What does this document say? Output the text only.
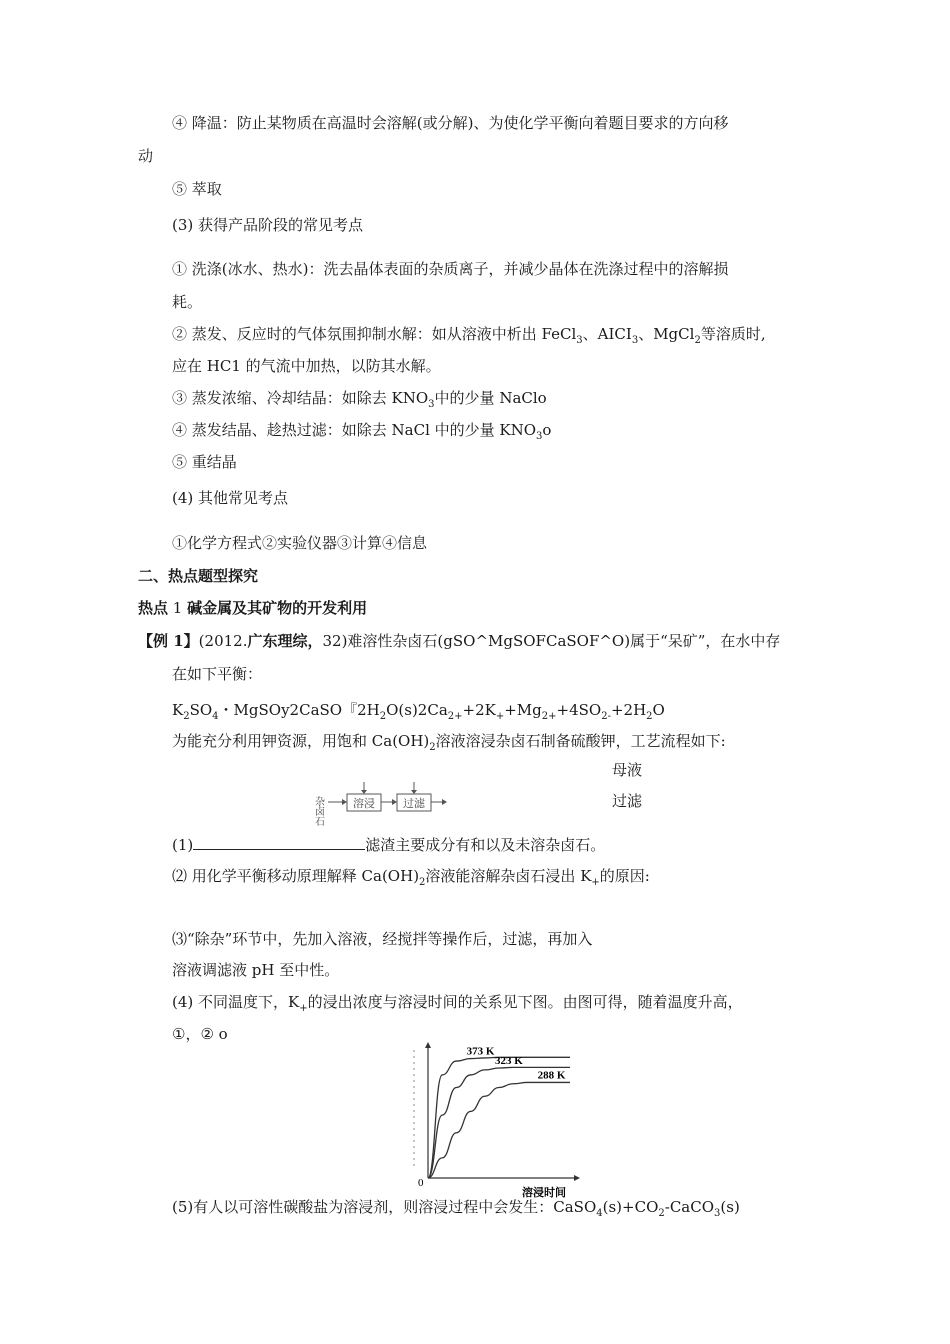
④ 降温：防止某物质在高温时会溶解(或分解)、为使化学平衡向着题目要求的方向移
动
⑤ 萃取
(3) 获得产品阶段的常见考点
① 洗涤(冰水、热水)：洗去晶体表面的杂质离子，并减少晶体在洗涤过程中的溶解损
耗。
② 蒸发、反应时的气体氛围抑制水解：如从溶液中析出 FeCl$_3$、$AICI_3$、MgCl$_2$等溶质时,
应在 HC1 的气流中加热，以防其水解。
③ 蒸发浓缩、冷却结晶：如除去 $KNO_3$中的少量 NaClo
④ 蒸发结晶、趁热过滤：如除去 NaCl 中的少量 $KNO_3o$
⑤ 重结晶
(4) 其他常见考点
①化学方程式②实验仪器③计算④信息
二、热点题型探究
热点 1 碱金属及其矿物的开发利用
【例 1】(2012.广东理综，32)难溶性杂卤石(gSO^MgSOFCaSOF^O)属于“呆矿”，在水中存
在如下平衡：
$K_2SO_4$・MgSOy2CaSO『$2H_2O(s)2Ca_{2+}+2K_++Mg_{2+}+4SO_{2-}+2H_2O$
为能充分利用钾资源，用饱和 $Ca(OH)_2$溶液溶浸杂卤石制备硫酸钾，工艺流程如下:
母液
过滤
杂卤石	溶浸	过滤
(1)	滤渣主要成分有和以及未溶杂卤石。
⑵ 用化学平衡移动原理解释 $Ca(OH)_2$溶液能溶解杂卤石浸出 $K_+$的原因:
⑶“除杂”环节中，先加入溶液，经搅拌等操作后，过滤，再加入
溶液调滤液 pH 至中性。
(4) 不同温度下，$K_+$的浸出浓度与溶浸时间的关系见下图。由图可得，随着温度升高，
①，② o
0
溶浸时间
373 K
323 K
288 K
(5)有人以可溶性碳酸盐为溶浸剂，则溶浸过程中会发生：$CaSO_4(s)+CO_2-CaCO_3(s)$
